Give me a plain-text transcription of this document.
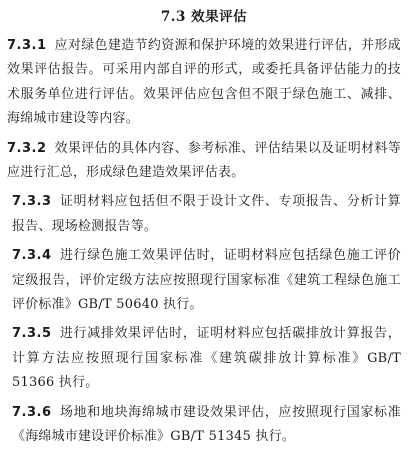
7.3 效果评估

7.3.1 应对绿色建造节约资源和保护环境的效果进行评估，并形成效果评估报告。可采用内部自评的形式，或委托具备评估能力的技术服务单位进行评估。效果评估应包含但不限于绿色施工、减排、海绵城市建设等内容。

7.3.2 效果评估的具体内容、参考标准、评估结果以及证明材料等应进行汇总，形成绿色建造效果评估表。

7.3.3 证明材料应包括但不限于设计文件、专项报告、分析计算报告、现场检测报告等。

7.3.4 进行绿色施工效果评估时，证明材料应包括绿色施工评价定级报告，评价定级方法应按照现行国家标准《建筑工程绿色施工评价标准》GB/T 50640 执行。

7.3.5 进行减排效果评估时，证明材料应包括碳排放计算报告，计算方法应按照现行国家标准《建筑碳排放计算标准》GB/T 51366 执行。

7.3.6 场地和地块海绵城市建设效果评估，应按照现行国家标准《海绵城市建设评价标准》GB/T 51345 执行。
